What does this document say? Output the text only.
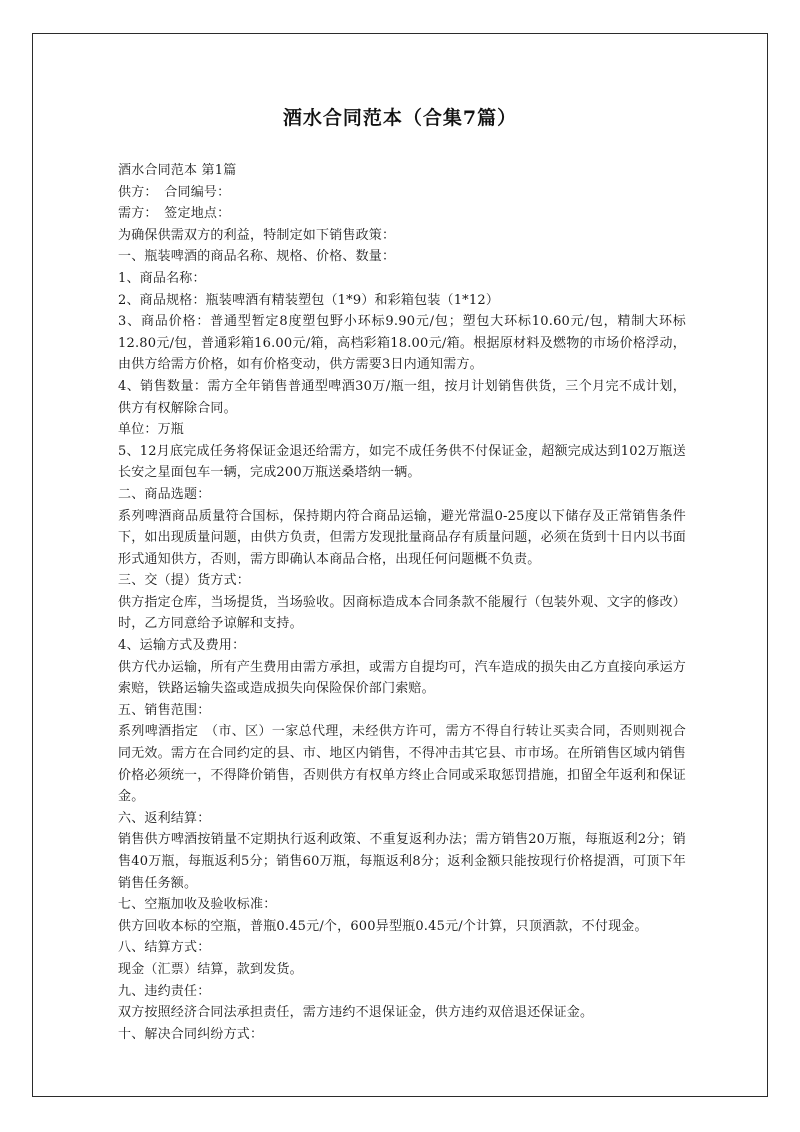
酒水合同范本（合集7篇）

酒水合同范本 第1篇

供方：　合同编号：

需方：　签定地点：

为确保供需双方的利益，特制定如下销售政策：

一、瓶装啤酒的商品名称、规格、价格、数量：

1、商品名称：

2、商品规格：瓶装啤酒有精装塑包（1*9）和彩箱包装（1*12）

3、商品价格：普通型暂定8度塑包野小环标9.90元/包；塑包大环标10.60元/包，精制大环标12.80元/包，普通彩箱16.00元/箱，高档彩箱18.00元/箱。根据原材料及燃物的市场价格浮动，由供方给需方价格，如有价格变动，供方需要3日内通知需方。

4、销售数量：需方全年销售普通型啤酒30万/瓶一组，按月计划销售供货，三个月完不成计划，供方有权解除合同。

单位：万瓶

5、12月底完成任务将保证金退还给需方，如完不成任务供不付保证金，超额完成达到102万瓶送长安之星面包车一辆，完成200万瓶送桑塔纳一辆。

二、商品选题：

系列啤酒商品质量符合国标，保持期内符合商品运输，避光常温0-25度以下储存及正常销售条件下，如出现质量问题，由供方负责，但需方发现批量商品存有质量问题，必须在货到十日内以书面形式通知供方，否则，需方即确认本商品合格，出现任何问题概不负责。

三、交（提）货方式：

供方指定仓库，当场提货，当场验收。因商标造成本合同条款不能履行（包装外观、文字的修改）时，乙方同意给予谅解和支持。

4、运输方式及费用：

供方代办运输，所有产生费用由需方承担，或需方自提均可，汽车造成的损失由乙方直接向承运方索赔，铁路运输失盗或造成损失向保险保价部门索赔。

五、销售范围：

系列啤酒指定　（市、区）一家总代理，未经供方许可，需方不得自行转让买卖合同，否则则视合同无效。需方在合同约定的县、市、地区内销售，不得冲击其它县、市市场。在所销售区域内销售价格必须统一，不得降价销售，否则供方有权单方终止合同或采取惩罚措施，扣留全年返利和保证金。

六、返利结算：

销售供方啤酒按销量不定期执行返利政策、不重复返利办法；需方销售20万瓶，每瓶返利2分；销售40万瓶，每瓶返利5分；销售60万瓶，每瓶返利8分；返利金额只能按现行价格提酒，可顶下年销售任务额。

七、空瓶加收及验收标准：

供方回收本标的空瓶，普瓶0.45元/个，600异型瓶0.45元/个计算，只顶酒款，不付现金。

八、结算方式：

现金（汇票）结算，款到发货。

九、违约责任：

双方按照经济合同法承担责任，需方违约不退保证金，供方违约双倍退还保证金。

十、解决合同纠纷方式：
